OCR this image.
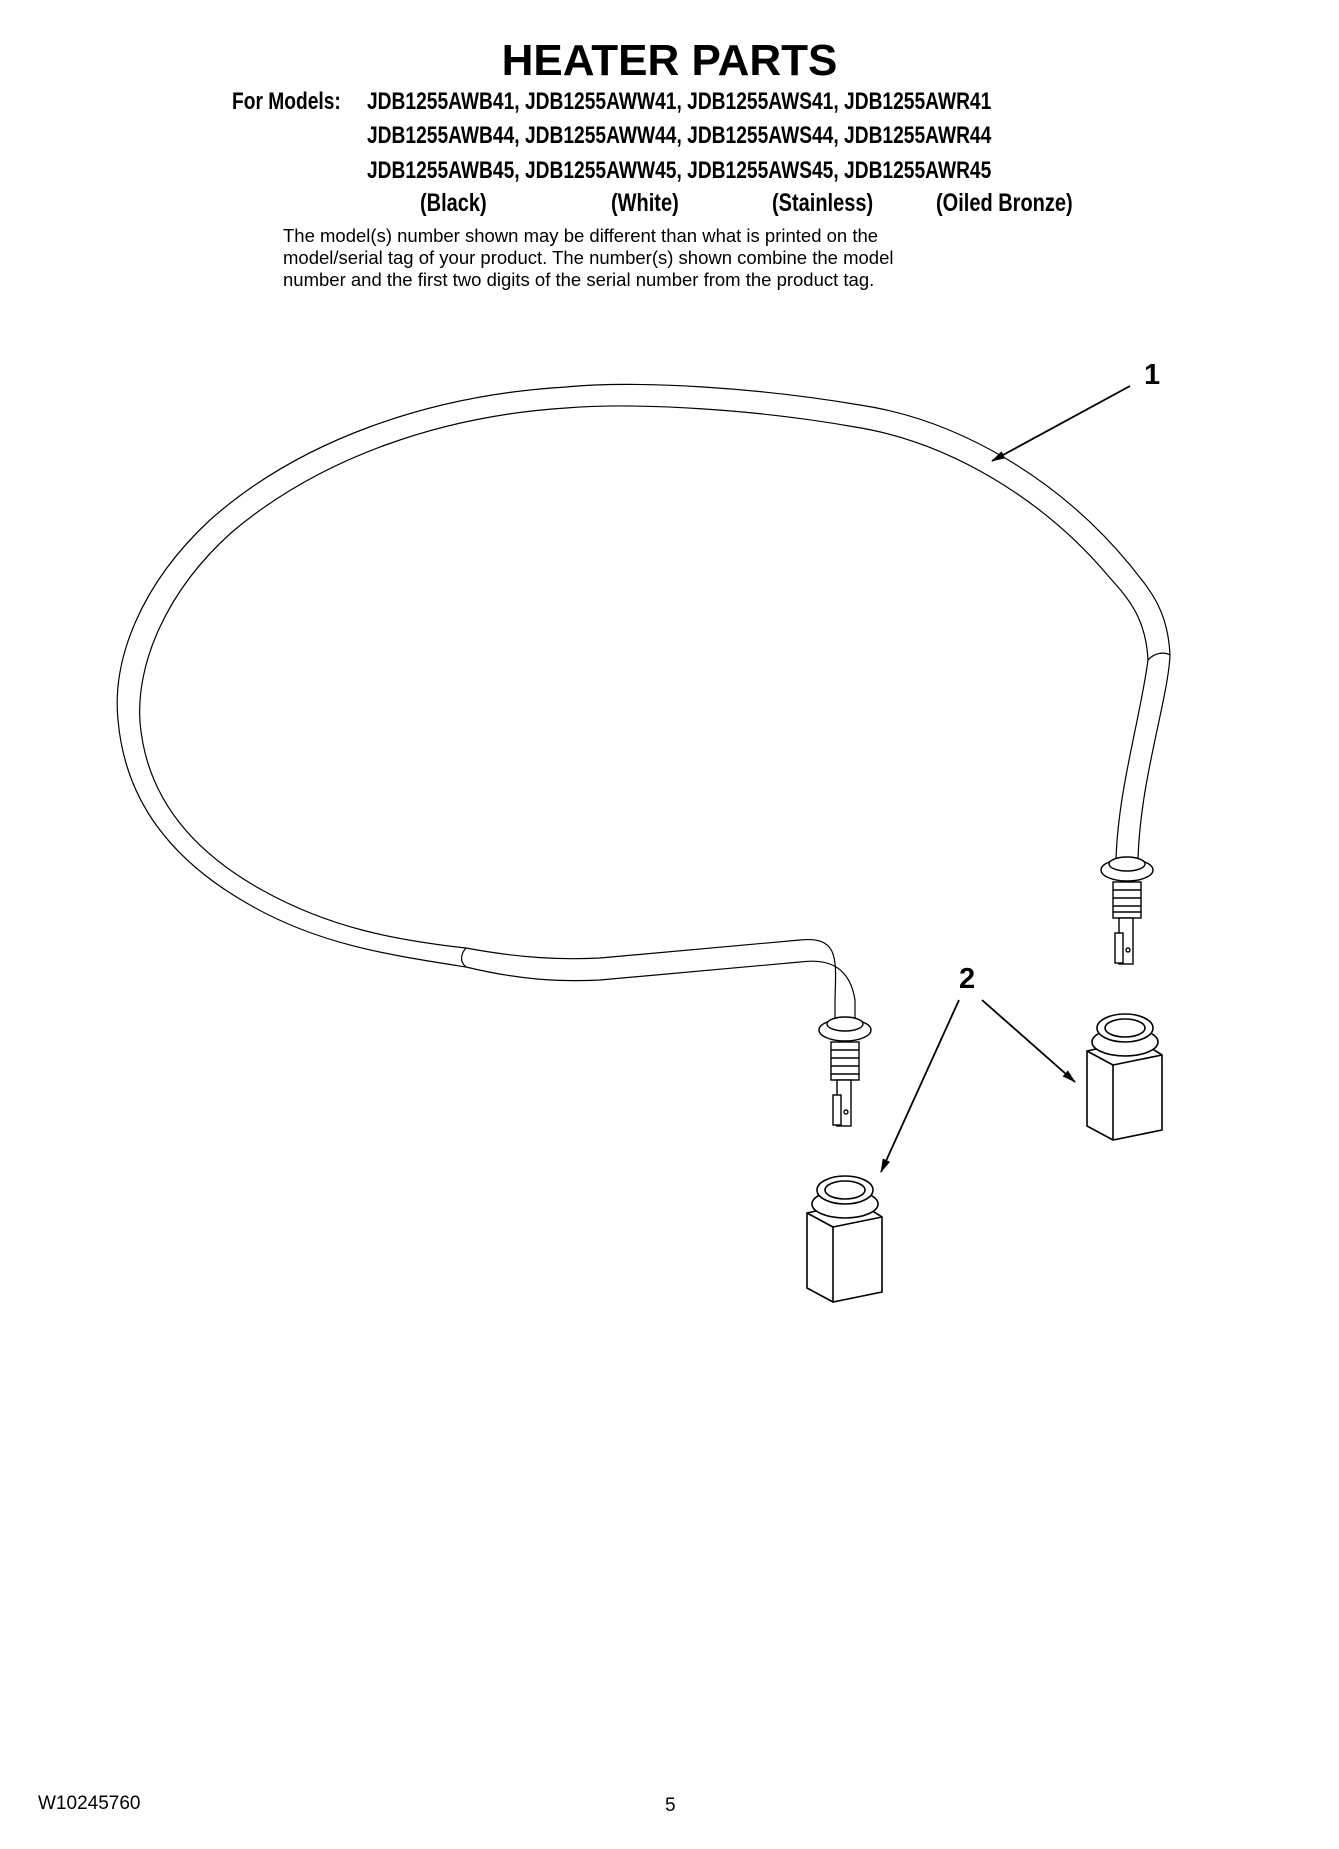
HEATER PARTS
For Models: JDB1255AWB41, JDB1255AWW41, JDB1255AWS41, JDB1255AWR41
JDB1255AWB44, JDB1255AWW44, JDB1255AWS44, JDB1255AWR44
JDB1255AWB45, JDB1255AWW45, JDB1255AWS45, JDB1255AWR45
(Black)	(White)	(Stainless)	(Oiled Bronze)
The model(s) number shown may be different than what is printed on the
model/serial tag of your product. The number(s) shown combine the model
number and the first two digits of the serial number from the product tag.
1
2
W10245760	5
